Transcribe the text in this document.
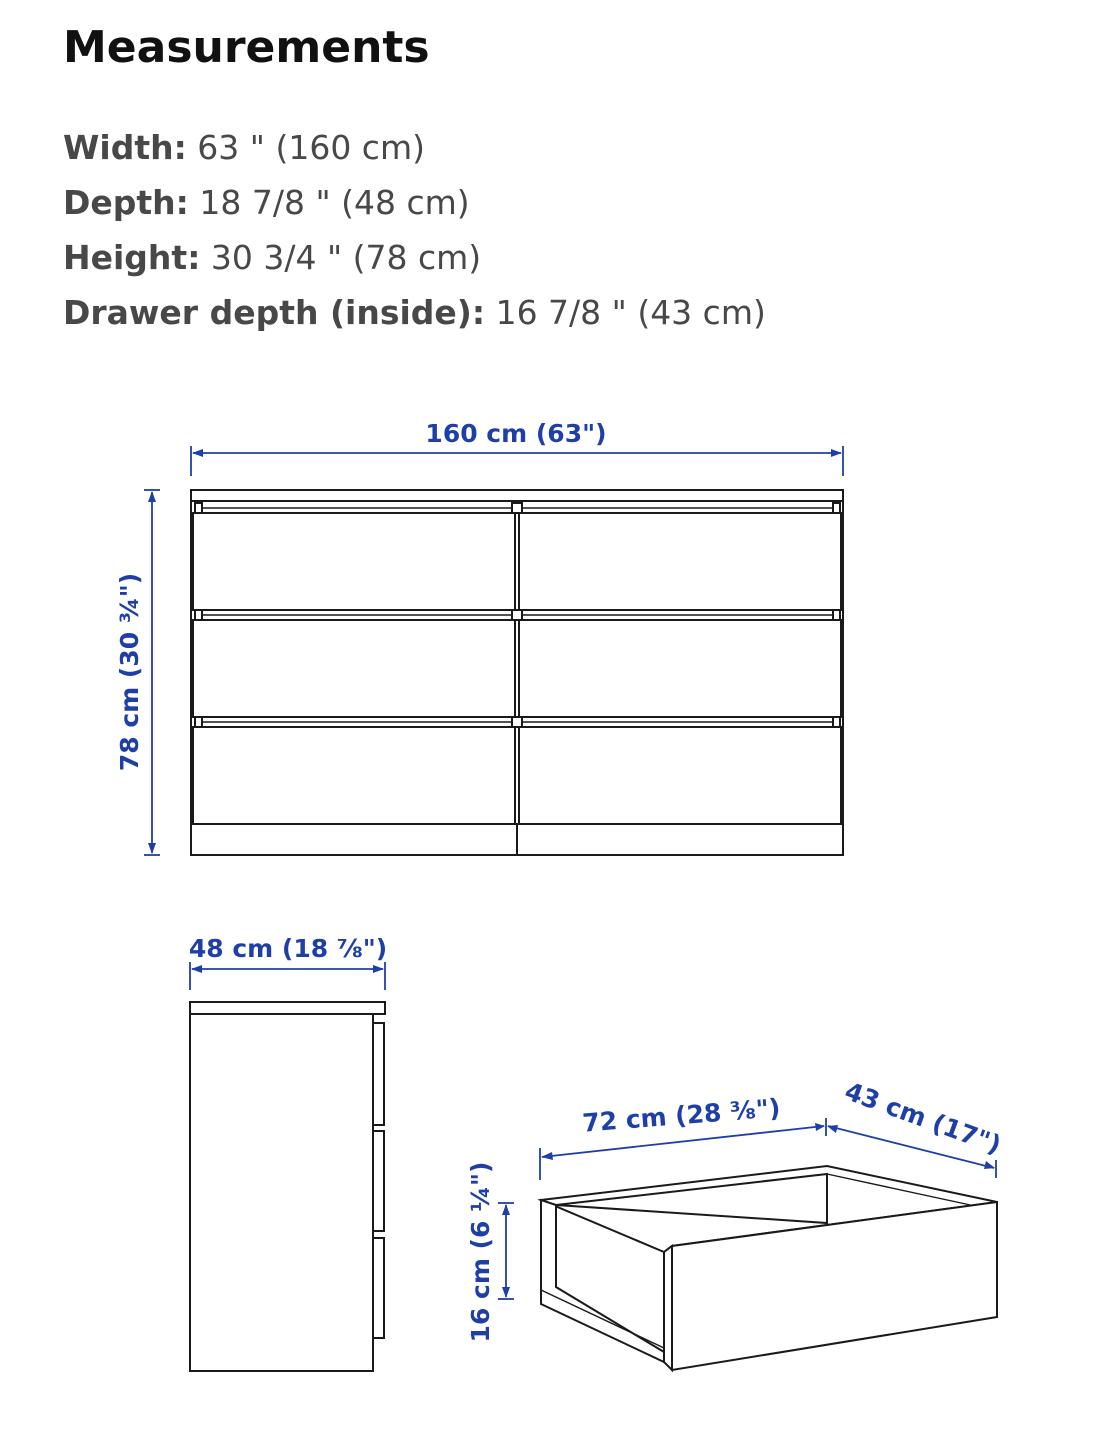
Measurements
Width: 63 " (160 cm)
Depth: 18 7/8 " (48 cm)
Height: 30 3/4 " (78 cm)
Drawer depth (inside): 16 7/8 " (43 cm)
160 cm (63")
78 cm (30 ¾")
48 cm (18 ⅞")
72 cm (28 ⅜") 43 cm (17")
16 cm (6 ¼")
